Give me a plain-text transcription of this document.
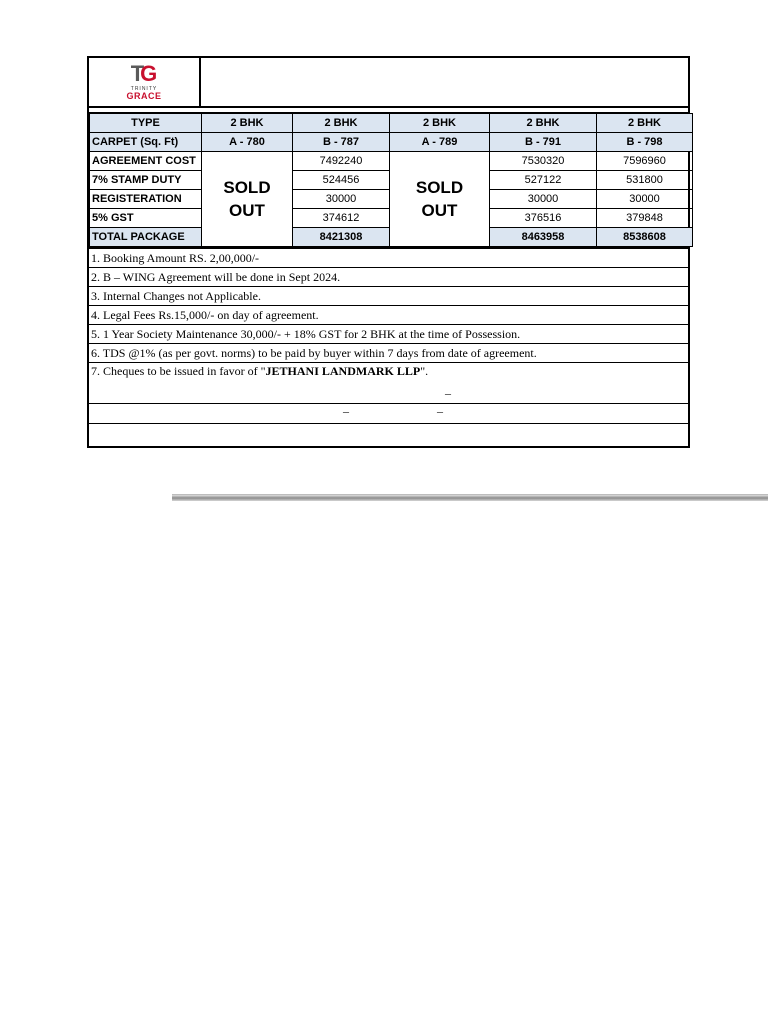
T
G
TRINITY
GRACE
TYPE	2 BHK	2 BHK	2 BHK	2 BHK	2 BHK
CARPET (Sq. Ft)	A - 780	B - 787	A - 789	B - 791	B - 798
AGREEMENT COST	SOLD OUT	7492240	SOLD OUT	7530320	7596960
7% STAMP DUTY		524456		527122	531800
REGISTERATION		30000		30000	30000
5% GST		374612		376516	379848
TOTAL PACKAGE		8421308		8463958	8538608
1. Booking Amount RS. 2,00,000/-
2. B – WING Agreement will be done in Sept 2024.
3. Internal Changes not Applicable.
4. Legal Fees Rs.15,000/- on day of agreement.
5. 1 Year Society Maintenance 30,000/- + 18% GST for 2 BHK at the time of Possession.
6. TDS @1% (as per govt. norms) to be paid by buyer within 7 days from date of agreement.
7. Cheques to be issued in favor of "JETHANI LANDMARK LLP".
–
–	–
